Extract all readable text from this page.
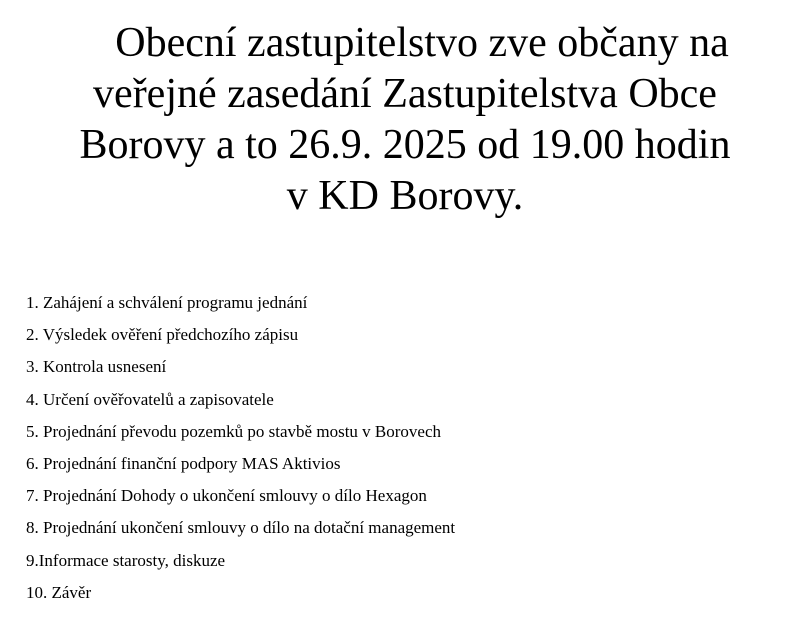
Obecní zastupitelstvo zve občany na
veřejné zasedání Zastupitelstva Obce
Borovy a to 26.9. 2025 od 19.00 hodin
v KD Borovy.
1. Zahájení a schválení programu jednání
2. Výsledek ověření předchozího zápisu
3. Kontrola usnesení
4. Určení ověřovatelů a zapisovatele
5. Projednání převodu pozemků po stavbě mostu v Borovech
6. Projednání finanční podpory MAS Aktivios
7. Projednání Dohody o ukončení smlouvy o dílo Hexagon
8. Projednání ukončení smlouvy o dílo na dotační management
9.Informace starosty, diskuze
10. Závěr
